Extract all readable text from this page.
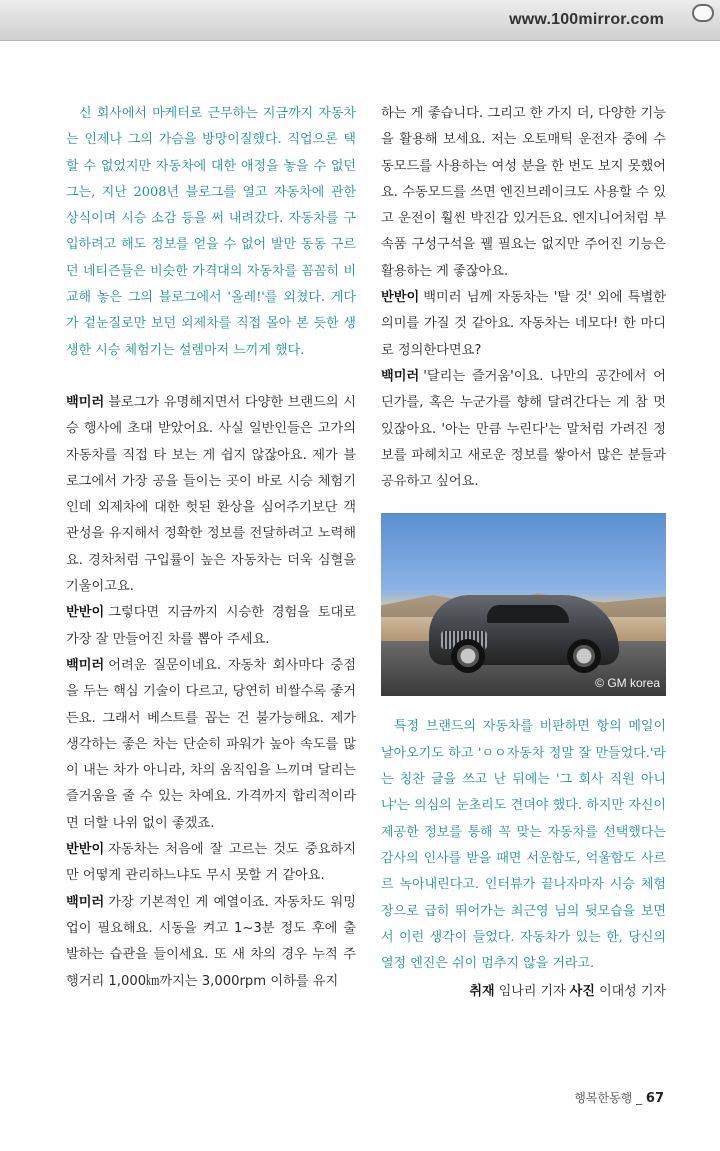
www.100mirror.com
신 회사에서 마케터로 근무하는 지금까지 자동차는 인제나 그의 가슴을 방망이질했다. 직업으론 택할 수 없었지만 자동차에 대한 애정을 놓을 수 없던 그는, 지난 2008년 블로그를 열고 자동차에 관한 상식이며 시승 소감 등을 써 내려갔다. 자동차를 구입하려고 해도 정보를 얻을 수 없어 발만 동동 구르던 네티즌들은 비슷한 가격대의 자동차를 꼼꼼히 비교해 놓은 그의 블로그에서 '올레!'를 외쳤다. 게다가 겉눈질로만 보던 외제차를 직접 몰아 본 듯한 생생한 시승 체험기는 설렘마저 느끼게 했다.
백미러 블로그가 유명해지면서 다양한 브랜드의 시승 행사에 초대 받았어요. 사실 일반인들은 고가의 자동차를 직접 타 보는 게 쉽지 않잖아요. 제가 블로그에서 가장 공을 들이는 곳이 바로 시승 체험기인데 외제차에 대한 헛된 환상을 심어주기보단 객관성을 유지해서 정확한 정보를 전달하려고 노력해요. 경차처럼 구입률이 높은 자동차는 더욱 심혈을 기울이고요.
반반이 그렇다면 지금까지 시승한 경험을 토대로 가장 잘 만들어진 차를 뽑아 주세요.
백미러 어려운 질문이네요. 자동차 회사마다 중점을 두는 핵심 기술이 다르고, 당연히 비쌀수록 좋거든요. 그래서 베스트를 꼽는 건 불가능해요. 제가 생각하는 좋은 차는 단순히 파워가 높아 속도를 많이 내는 차가 아니라, 차의 움직임을 느끼며 달리는 즐거움을 줄 수 있는 차예요. 가격까지 합리적이라면 더할 나위 없이 좋겠죠.
반반이 자동차는 처음에 잘 고르는 것도 중요하지만 어떻게 관리하느냐도 무시 못할 거 같아요.
백미러 가장 기본적인 게 예열이죠. 자동차도 워밍업이 필요해요. 시동을 켜고 1~3분 정도 후에 출발하는 습관을 들이세요. 또 새 차의 경우 누적 주행거리 1,000㎞까지는 3,000rpm 이하를 유지
하는 게 좋습니다. 그리고 한 가지 더, 다양한 기능을 활용해 보세요. 저는 오토매틱 운전자 중에 수동모드를 사용하는 여성 분을 한 번도 보지 못했어요. 수동모드를 쓰면 엔진브레이크도 사용할 수 있고 운전이 훨씬 박진감 있거든요. 엔지니어처럼 부속품 구성구석을 꿸 필요는 없지만 주어진 기능은 활용하는 게 좋잖아요.
반반이 백미러 님께 자동차는 '탈 것' 외에 특별한 의미를 가질 것 같아요. 자동차는 네모다! 한 마디로 정의한다면요?
백미러 '달리는 즐거움'이요. 나만의 공간에서 어딘가를, 혹은 누군가를 향해 달려간다는 게 참 멋있잖아요. '아는 만큼 누린다'는 말처럼 가려진 정보를 파헤치고 새로운 정보를 쌓아서 많은 분들과 공유하고 싶어요.
© GM korea
특정 브랜드의 자동차를 비판하면 항의 메일이 날아오기도 하고 'ㅇㅇ자동차 정말 잘 만들었다.'라는 칭찬 글을 쓰고 난 뒤에는 '그 회사 직원 아니냐'는 의심의 눈초리도 견뎌야 했다. 하지만 자신이 제공한 정보를 통해 꼭 맞는 자동차를 선택했다는 감사의 인사를 받을 때면 서운함도, 억울함도 사르르 녹아내린다고. 인터뷰가 끝나자마자 시승 체험장으로 급히 뛰어가는 최근영 님의 뒷모습을 보면서 이런 생각이 들었다. 자동차가 있는 한, 당신의 열정 엔진은 쉬이 멈추지 않을 거라고.
취재 임나리 기자 사진 이대성 기자
행복한동행 _ 67
